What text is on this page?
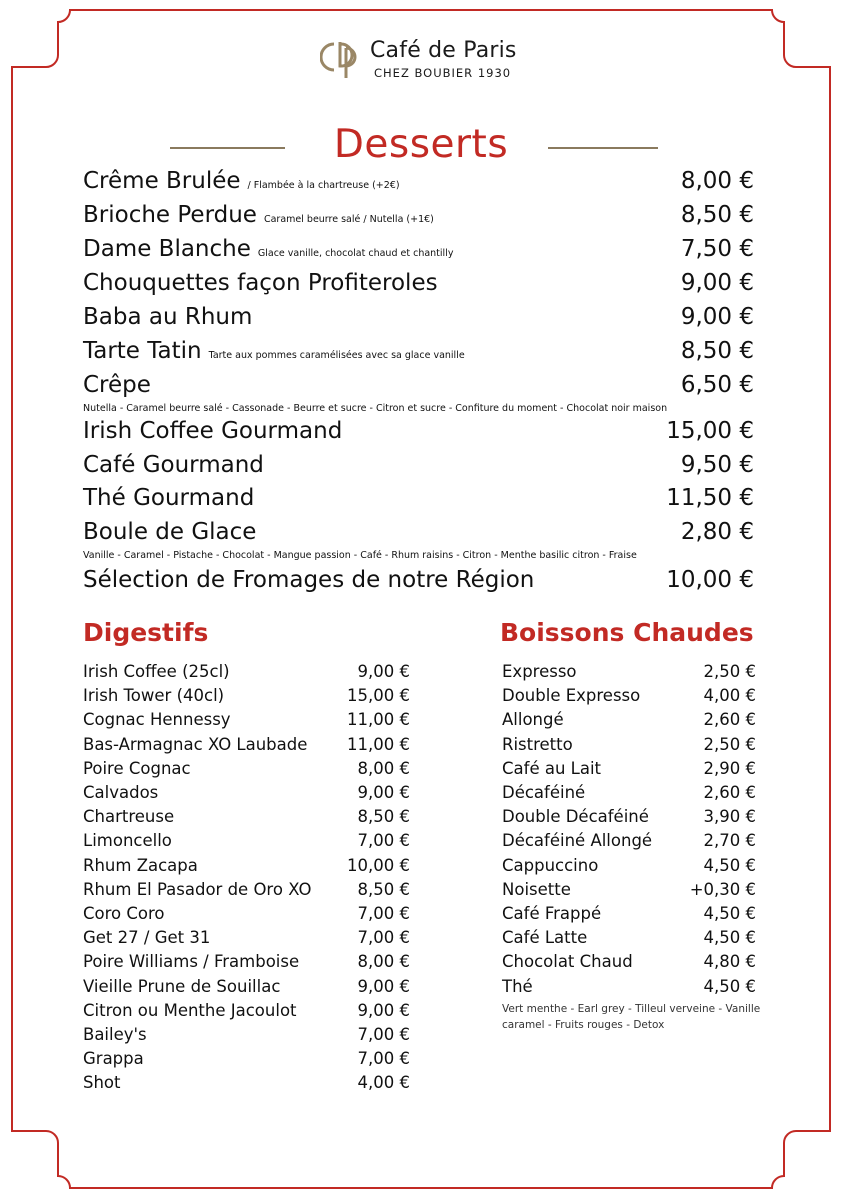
Café de Paris
CHEZ BOUBIER 1930
Desserts
Crême Brulée / Flambée à la chartreuse (+2€)	8,00 €
Brioche Perdue Caramel beurre salé / Nutella (+1€)	8,50 €
Dame Blanche Glace vanille, chocolat chaud et chantilly	7,50 €
Chouquettes façon Profiteroles	9,00 €
Baba au Rhum	9,00 €
Tarte Tatin Tarte aux pommes caramélisées avec sa glace vanille	8,50 €
Crêpe	6,50 €
Nutella - Caramel beurre salé - Cassonade - Beurre et sucre - Citron et sucre - Confiture du moment - Chocolat noir maison
Irish Coffee Gourmand	15,00 €
Café Gourmand	9,50 €
Thé Gourmand	11,50 €
Boule de Glace	2,80 €
Vanille - Caramel - Pistache - Chocolat - Mangue passion - Café - Rhum raisins - Citron - Menthe basilic citron - Fraise
Sélection de Fromages de notre Région	10,00 €
Digestifs
Irish Coffee (25cl)	9,00 €
Irish Tower (40cl)	15,00 €
Cognac Hennessy	11,00 €
Bas-Armagnac XO Laubade	11,00 €
Poire Cognac	8,00 €
Calvados	9,00 €
Chartreuse	8,50 €
Limoncello	7,00 €
Rhum Zacapa	10,00 €
Rhum El Pasador de Oro XO	8,50 €
Coro Coro	7,00 €
Get 27 / Get 31	7,00 €
Poire Williams / Framboise	8,00 €
Vieille Prune de Souillac	9,00 €
Citron ou Menthe Jacoulot	9,00 €
Bailey's	7,00 €
Grappa	7,00 €
Shot	4,00 €
Boissons Chaudes
Expresso	2,50 €
Double Expresso	4,00 €
Allongé	2,60 €
Ristretto	2,50 €
Café au Lait	2,90 €
Décaféiné	2,60 €
Double Décaféiné	3,90 €
Décaféiné Allongé	2,70 €
Cappuccino	4,50 €
Noisette	+0,30 €
Café Frappé	4,50 €
Café Latte	4,50 €
Chocolat Chaud	4,80 €
Thé	4,50 €
Vert menthe - Earl grey - Tilleul verveine - Vanille caramel - Fruits rouges - Detox
